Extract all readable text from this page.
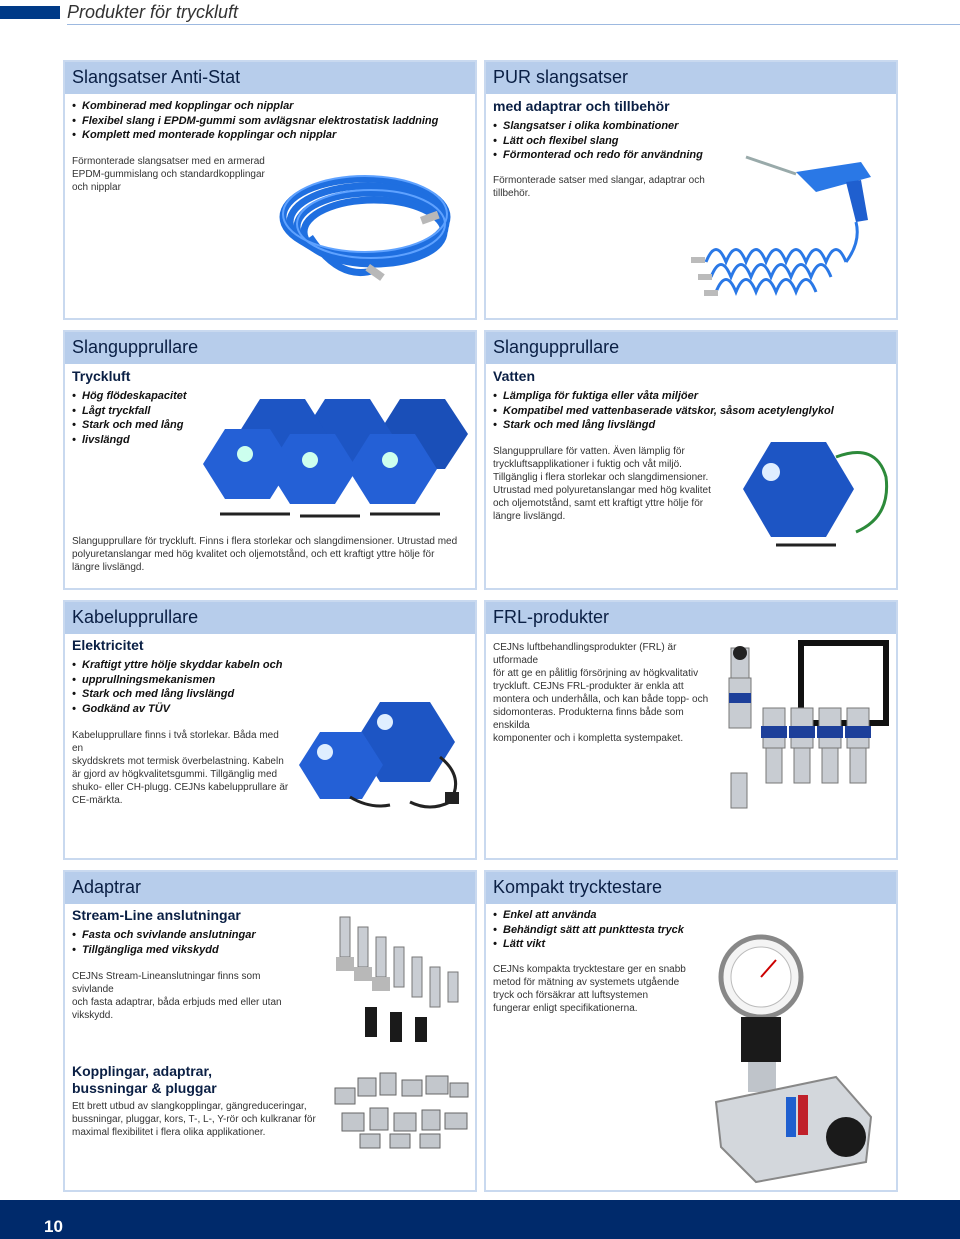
Produkter för tryckluft
Slangsatser Anti-Stat
• Kombinerad med kopplingar och nipplar
• Flexibel slang i EPDM-gummi som avlägsnar elektrostatisk laddning
• Komplett med monterade kopplingar och nipplar
Förmonterade slangsatser med en armerad
EPDM-gummislang och standardkopplingar
och nipplar
PUR slangsatser
med adaptrar och tillbehör
• Slangsatser i olika kombinationer
• Lätt och flexibel slang
• Förmonterad och redo för användning
Förmonterade satser med slangar, adaptrar och
tillbehör.
Slangupprullare
Tryckluft
• Hög flödeskapacitet
• Lågt tryckfall
• Stark och med lång
• livslängd
Slangupprullare för tryckluft. Finns i flera storlekar och slangdimensioner. Utrustad med
polyuretanslangar med hög kvalitet och oljemotstånd, och ett kraftigt yttre hölje för
längre livslängd.
Slangupprullare
Vatten
• Lämpliga för fuktiga eller våta miljöer
• Kompatibel med vattenbaserade vätskor, såsom acetylenglykol
• Stark och med lång livslängd
Slangupprullare för vatten. Även lämplig för
tryckluftsapplikationer i fuktig och våt miljö.
Tillgänglig i flera storlekar och slangdimensioner.
Utrustad med polyuretanslangar med hög kvalitet
och oljemotstånd, samt ett kraftigt yttre hölje för
längre livslängd.
Kabelupprullare
Elektricitet
• Kraftigt yttre hölje skyddar kabeln och
• upprullningsmekanismen
• Stark och med lång livslängd
• Godkänd av TÜV
Kabelupprullare finns i två storlekar. Båda med en
skyddskrets mot termisk överbelastning. Kabeln
är gjord av högkvalitetsgummi. Tillgänglig med
shuko- eller CH-plugg. CEJNs kabelupprullare är
CE-märkta.
FRL-produkter
CEJNs luftbehandlingsprodukter (FRL) är utformade
för att ge en pålitlig försörjning av högkvalitativ
tryckluft. CEJNs FRL-produkter är enkla att
montera och underhålla, och kan både topp- och
sidomonteras. Produkterna finns både som enskilda
komponenter och i kompletta systempaket.
Adaptrar
Stream-Line anslutningar
• Fasta och svivlande anslutningar
• Tillgängliga med vikskydd
CEJNs Stream-Lineanslutningar finns som svivlande
och fasta adaptrar, båda erbjuds med eller utan
vikskydd.
Kopplingar, adaptrar,
bussningar & pluggar
Ett brett utbud av slangkopplingar, gängreduceringar,
bussningar, pluggar, kors, T-, L-, Y-rör och kulkranar för
maximal flexibilitet i flera olika applikationer.
Kompakt trycktestare
• Enkel att använda
• Behändigt sätt att punkttesta tryck
• Lätt vikt
CEJNs kompakta trycktestare ger en snabb
metod för mätning av systemets utgående
tryck och försäkrar att luftsystemen
fungerar enligt specifikationerna.
10
